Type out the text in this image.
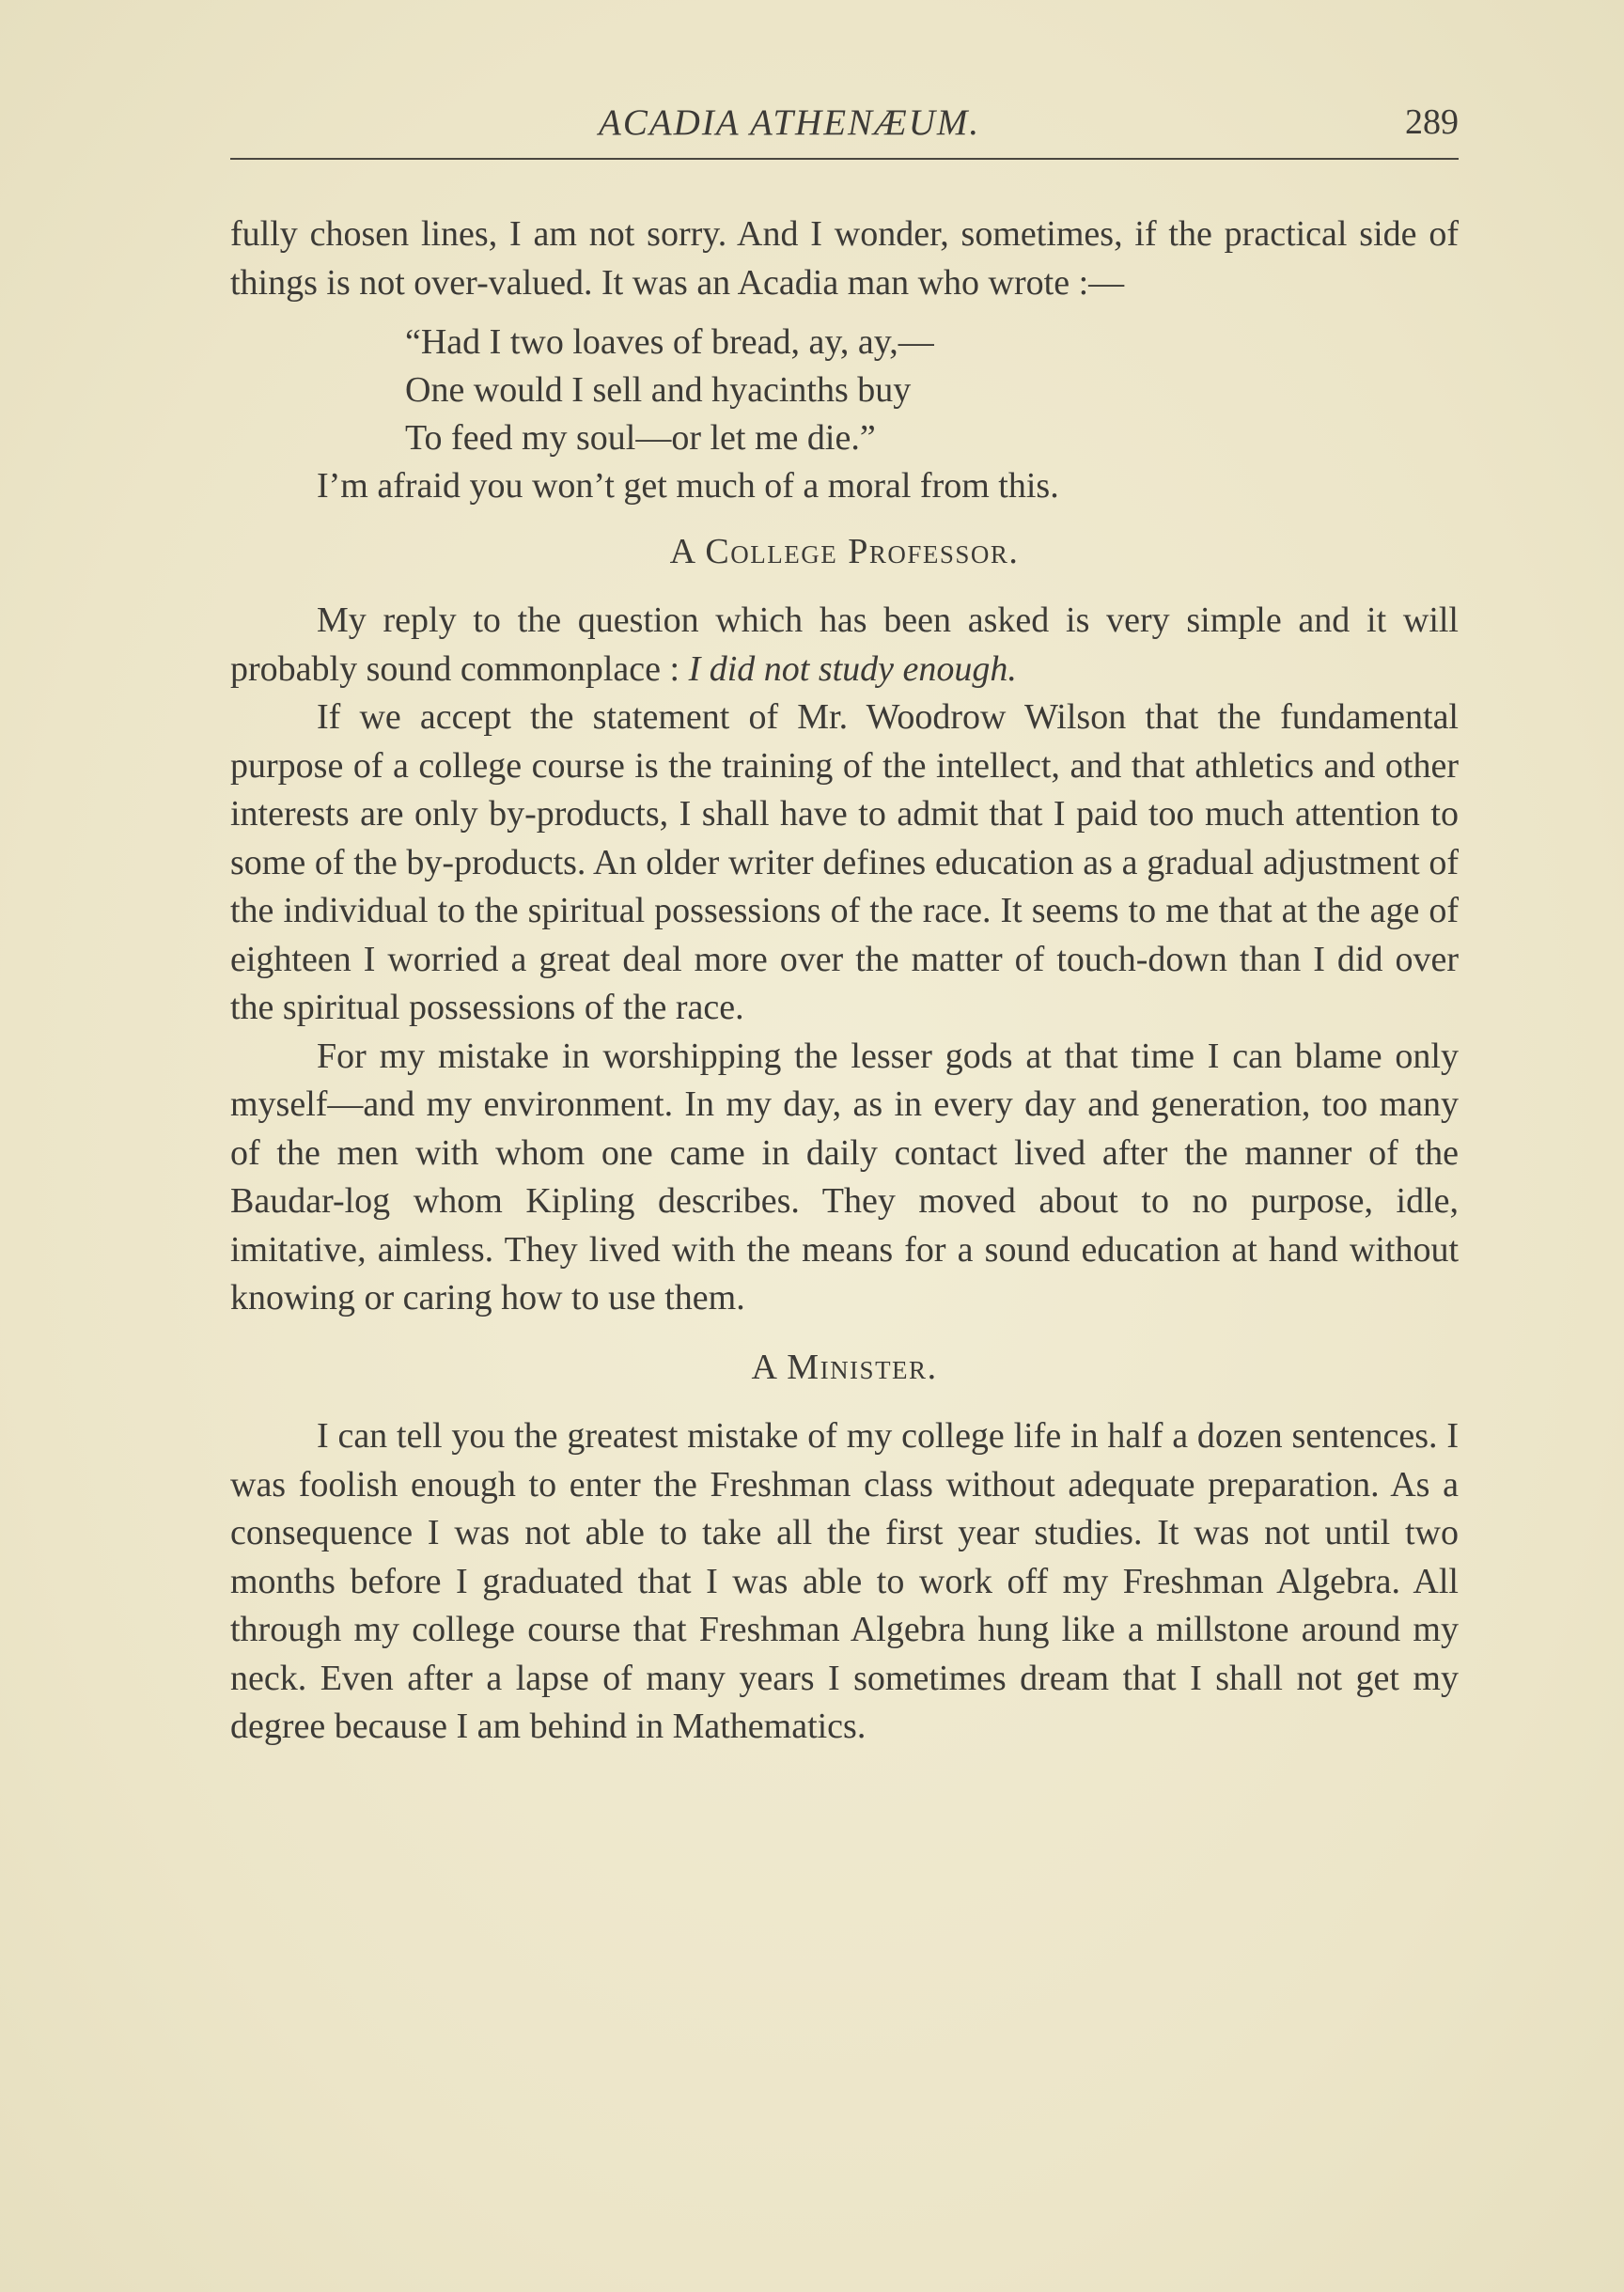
ACADIA ATHENÆUM.	289

fully chosen lines, I am not sorry. And I wonder, sometimes, if the practical side of things is not over-valued. It was an Acadia man who wrote :—

“Had I two loaves of bread, ay, ay,—
One would I sell and hyacinths buy
To feed my soul—or let me die.”
I’m afraid you won’t get much of a moral from this.
A College Professor.

My reply to the question which has been asked is very simple and it will probably sound commonplace : I did not study enough.

If we accept the statement of Mr. Woodrow Wilson that the fundamental purpose of a college course is the training of the intellect, and that athletics and other interests are only by-products, I shall have to admit that I paid too much attention to some of the by-products. An older writer defines education as a gradual adjustment of the individual to the spiritual possessions of the race. It seems to me that at the age of eighteen I worried a great deal more over the matter of touch-down than I did over the spiritual possessions of the race.

For my mistake in worshipping the lesser gods at that time I can blame only myself—and my environment. In my day, as in every day and generation, too many of the men with whom one came in daily contact lived after the manner of the Baudar-log whom Kipling describes. They moved about to no purpose, idle, imitative, aimless. They lived with the means for a sound education at hand without knowing or caring how to use them.

A Minister.

I can tell you the greatest mistake of my college life in half a dozen sentences. I was foolish enough to enter the Freshman class without adequate preparation. As a consequence I was not able to take all the first year studies. It was not until two months before I graduated that I was able to work off my Freshman Algebra. All through my college course that Freshman Algebra hung like a millstone around my neck. Even after a lapse of many years I sometimes dream that I shall not get my degree because I am behind in Mathematics.
